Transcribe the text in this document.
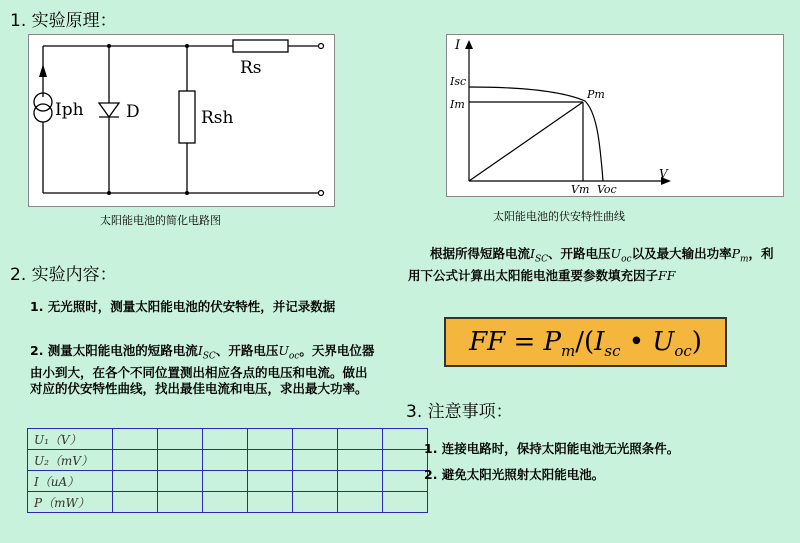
1. 实验原理：
Iph D	Rsh
Rs
太阳能电池的简化电路图
I
V
Isc
Im
Pm
Vm Voc
太阳能电池的伏安特性曲线
2. 实验内容：
1. 无光照时，测量太阳能电池的伏安特性，并记录数据
2. 测量太阳能电池的短路电流$I_{SC}$、开路电压$U_{oc}$。天界电位器由小到大，在各个不同位置测出相应各点的电压和电流。做出对应的伏安特性曲线，找出最佳电流和电压，求出最大功率。
U₁（V）							
U₂（mV）							
I（uA）							
P（mW）							
根据所得短路电流$I_{SC}$、开路电压$U_{oc}$以及最大输出功率$P_m$，利用下公式计算出太阳能电池重要参数填充因子FF
FF = $P_m/(I_{sc}$ • $U_{oc}$)
3. 注意事项：
1. 连接电路时，保持太阳能电池无光照条件。
2. 避免太阳光照射太阳能电池。
